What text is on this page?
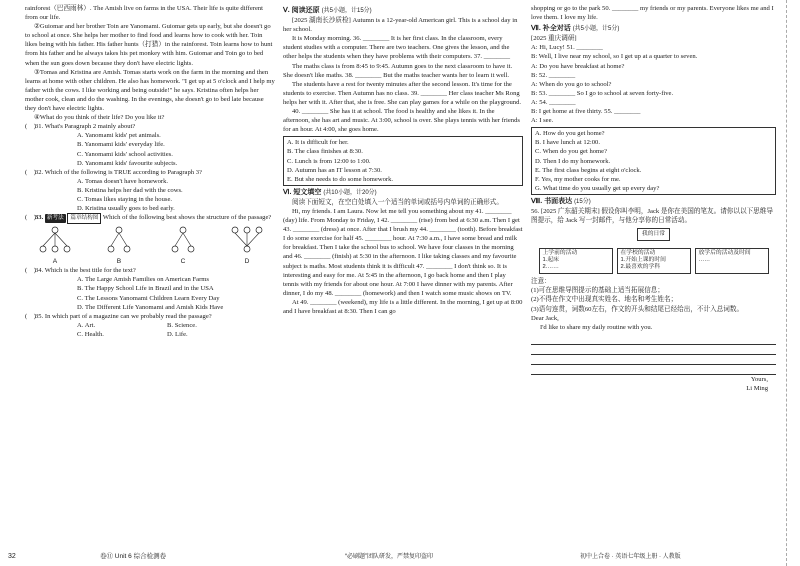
rainforest（巴西雨林）. The Amish live on farms in the USA. Their life is quite different from our life.

②Guiomar and her brother Toin are Yanomami. Guiomar gets up early, but she doesn't go to school at once. She helps her mother to find food and learns how to cook with her. Toin likes being with his father. His father hunts（打猎）in the rainforest. Toin learns how to hunt from his father and he always takes his pet monkey with him. Guiomar and Toin go to bed when the sun goes down because they don't have electric lights.

③Tomas and Kristina are Amish. Tomas starts work on the farm in the morning and then learns at home with other children. He also has homework. "I get up at 5 o'clock and I help my father with the cows. I like working and being outside!" he says. Kristina often helps her mother cook, clean and do the washing. In the evenings, she doesn't go to bed late because they don't have electric lights.

④What do you think of their life? Do you like it?

(　) 31. What's Paragraph 2 mainly about?

A. Yanomami kids' pet animals.

B. Yanomami kids' everyday life.

C. Yanomami kids' school activities.

D. Yanomami kids' favourite subjects.

(　) 32. Which of the following is TRUE according to Paragraph 3?

A. Tomas doesn't have homework.

B. Kristina helps her dad with the cows.

C. Tomas likes staying in the house.

D. Kristina usually goes to bed early.

(　) 33. 新考法 篇章结构图 Which of the following best shows the structure of the passage?
A	B	C	D
(　) 34. Which is the best title for the text?

A. The Large Amish Families on American Farms

B. The Happy School Life in Brazil and in the USA

C. The Lessons Yanomami Children Learn Every Day

D. The Different Life Yanomami and Amish Kids Have

(　) 35. In which part of a magazine can we probably read the passage?
A. Art.	B. Science.
C. Health.	D. Life.
32	卷⑪ Unit 6 综合检测卷
Ⅴ. 阅读还原 (共5小题，计15分)

[2025 湖南长沙质检] Autumn is a 12-year-old American girl. This is a school day in her school.

It is Monday morning. 36. ________ It is her first class. In the classroom, every student studies with a computer. There are two teachers. One gives the lesson, and the other helps the students when they have problems with their computers. 37. ________

The maths class is from 8:45 to 9:45. Autumn goes to the next classroom to have it. She doesn't like maths. 38. ________ But the maths teacher wants her to learn it well.

The students have a rest for twenty minutes after the second lesson. It's time for the students to exercise. Then Autumn has no class. 39. ________ Her class teacher Ms Rong helps her with it. After that, she is free. She can play games for a while on the playground.

40. ________ She has it at school. The food is healthy and she likes it. In the afternoon, she has art and music. At 3:00, school is over. She plays tennis with her friends for an hour. At 4:00, she goes home.

A. It is difficult for her.

B. The class finishes at 8:30.

C. Lunch is from 12:00 to 1:00.

D. Autumn has an IT lesson at 7:30.

E. But she needs to do some homework.

Ⅵ. 短文填空 (共10小题，计20分)

阅读下面短文，在空白处填入一个适当的单词或括号内单词的正确形式。

Hi, my friends. I am Laura. Now let me tell you something about my 41. ________ (day) life. From Monday to Friday, I 42. ________ (rise) from bed at 6:30 a.m. Then I get 43. ________ (dress) at once. After that I brush my 44. ________ (tooth). Before breakfast I do some exercise for half 45. ________ hour. At 7:30 a.m., I have some bread and milk for breakfast. Then I take the school bus to school. We have four classes in the morning and 46. ________ (finish) at 5:30 in the afternoon. I like taking classes and my favourite subject is maths. Most students think it is difficult 47. ________ I don't think so. It is interesting and easy for me. At 5:45 in the afternoon, I go back home and then I play tennis with my friends for about one hour. At 7:00 I have dinner with my parents. After dinner, I do my 48. ________ (homework) and then I watch some music shows on TV.

At 49. ________ (weekend), my life is a little different. In the morning, I get up at 8:00 and I have breakfast at 8:30. Then I can go

“必刷题”团队研发，严禁复印盗印

shopping or go to the park 50. ________ my friends or my parents. Everyone likes me and I love them. I love my life.

Ⅶ. 补全对话 (共5小题，计5分)

[2025 重庆调研]

A: Hi, Lucy! 51. ________

B: Well, I live near my school, so I get up at a quarter to seven.

A: Do you have breakfast at home?

B: 52. ________

A: When do you go to school?

B: 53. ________ So I go to school at seven forty-five.

A: 54. ________

B: I get home at five thirty. 55. ________

A: I see.

A. How do you get home?

B. I have lunch at 12:00.

C. When do you get home?

D. Then I do my homework.

E. The first class begins at eight o'clock.

F. Yes, my mother cooks for me.

G. What time do you usually get up every day?

Ⅷ. 书面表达 (15分)

56. [2025 广东韶关期末] 假设你叫李明，Jack 是你在美国的笔友。请你以以下思维导图提示，给 Jack 写一封邮件，与他分享你的日常活动。

我的日常
上学前的活动
1.起床
2.……
在学校的活动
1.开始上课的时间
2.最喜欢的学科
放学后的活动及时间
……

注意：

(1)可在思维导图提示的基础上适当拓展信息；

(2)不得在作文中出现真实姓名、地名和考生姓名；

(3)语句连贯，词数60左右，作文的开头和结尾已经给出，不计入总词数。

Dear Jack,

I'd like to share my daily routine with you.

Yours,

Li Ming

初中上合卷 · 英语七年级上册 · 人教版
